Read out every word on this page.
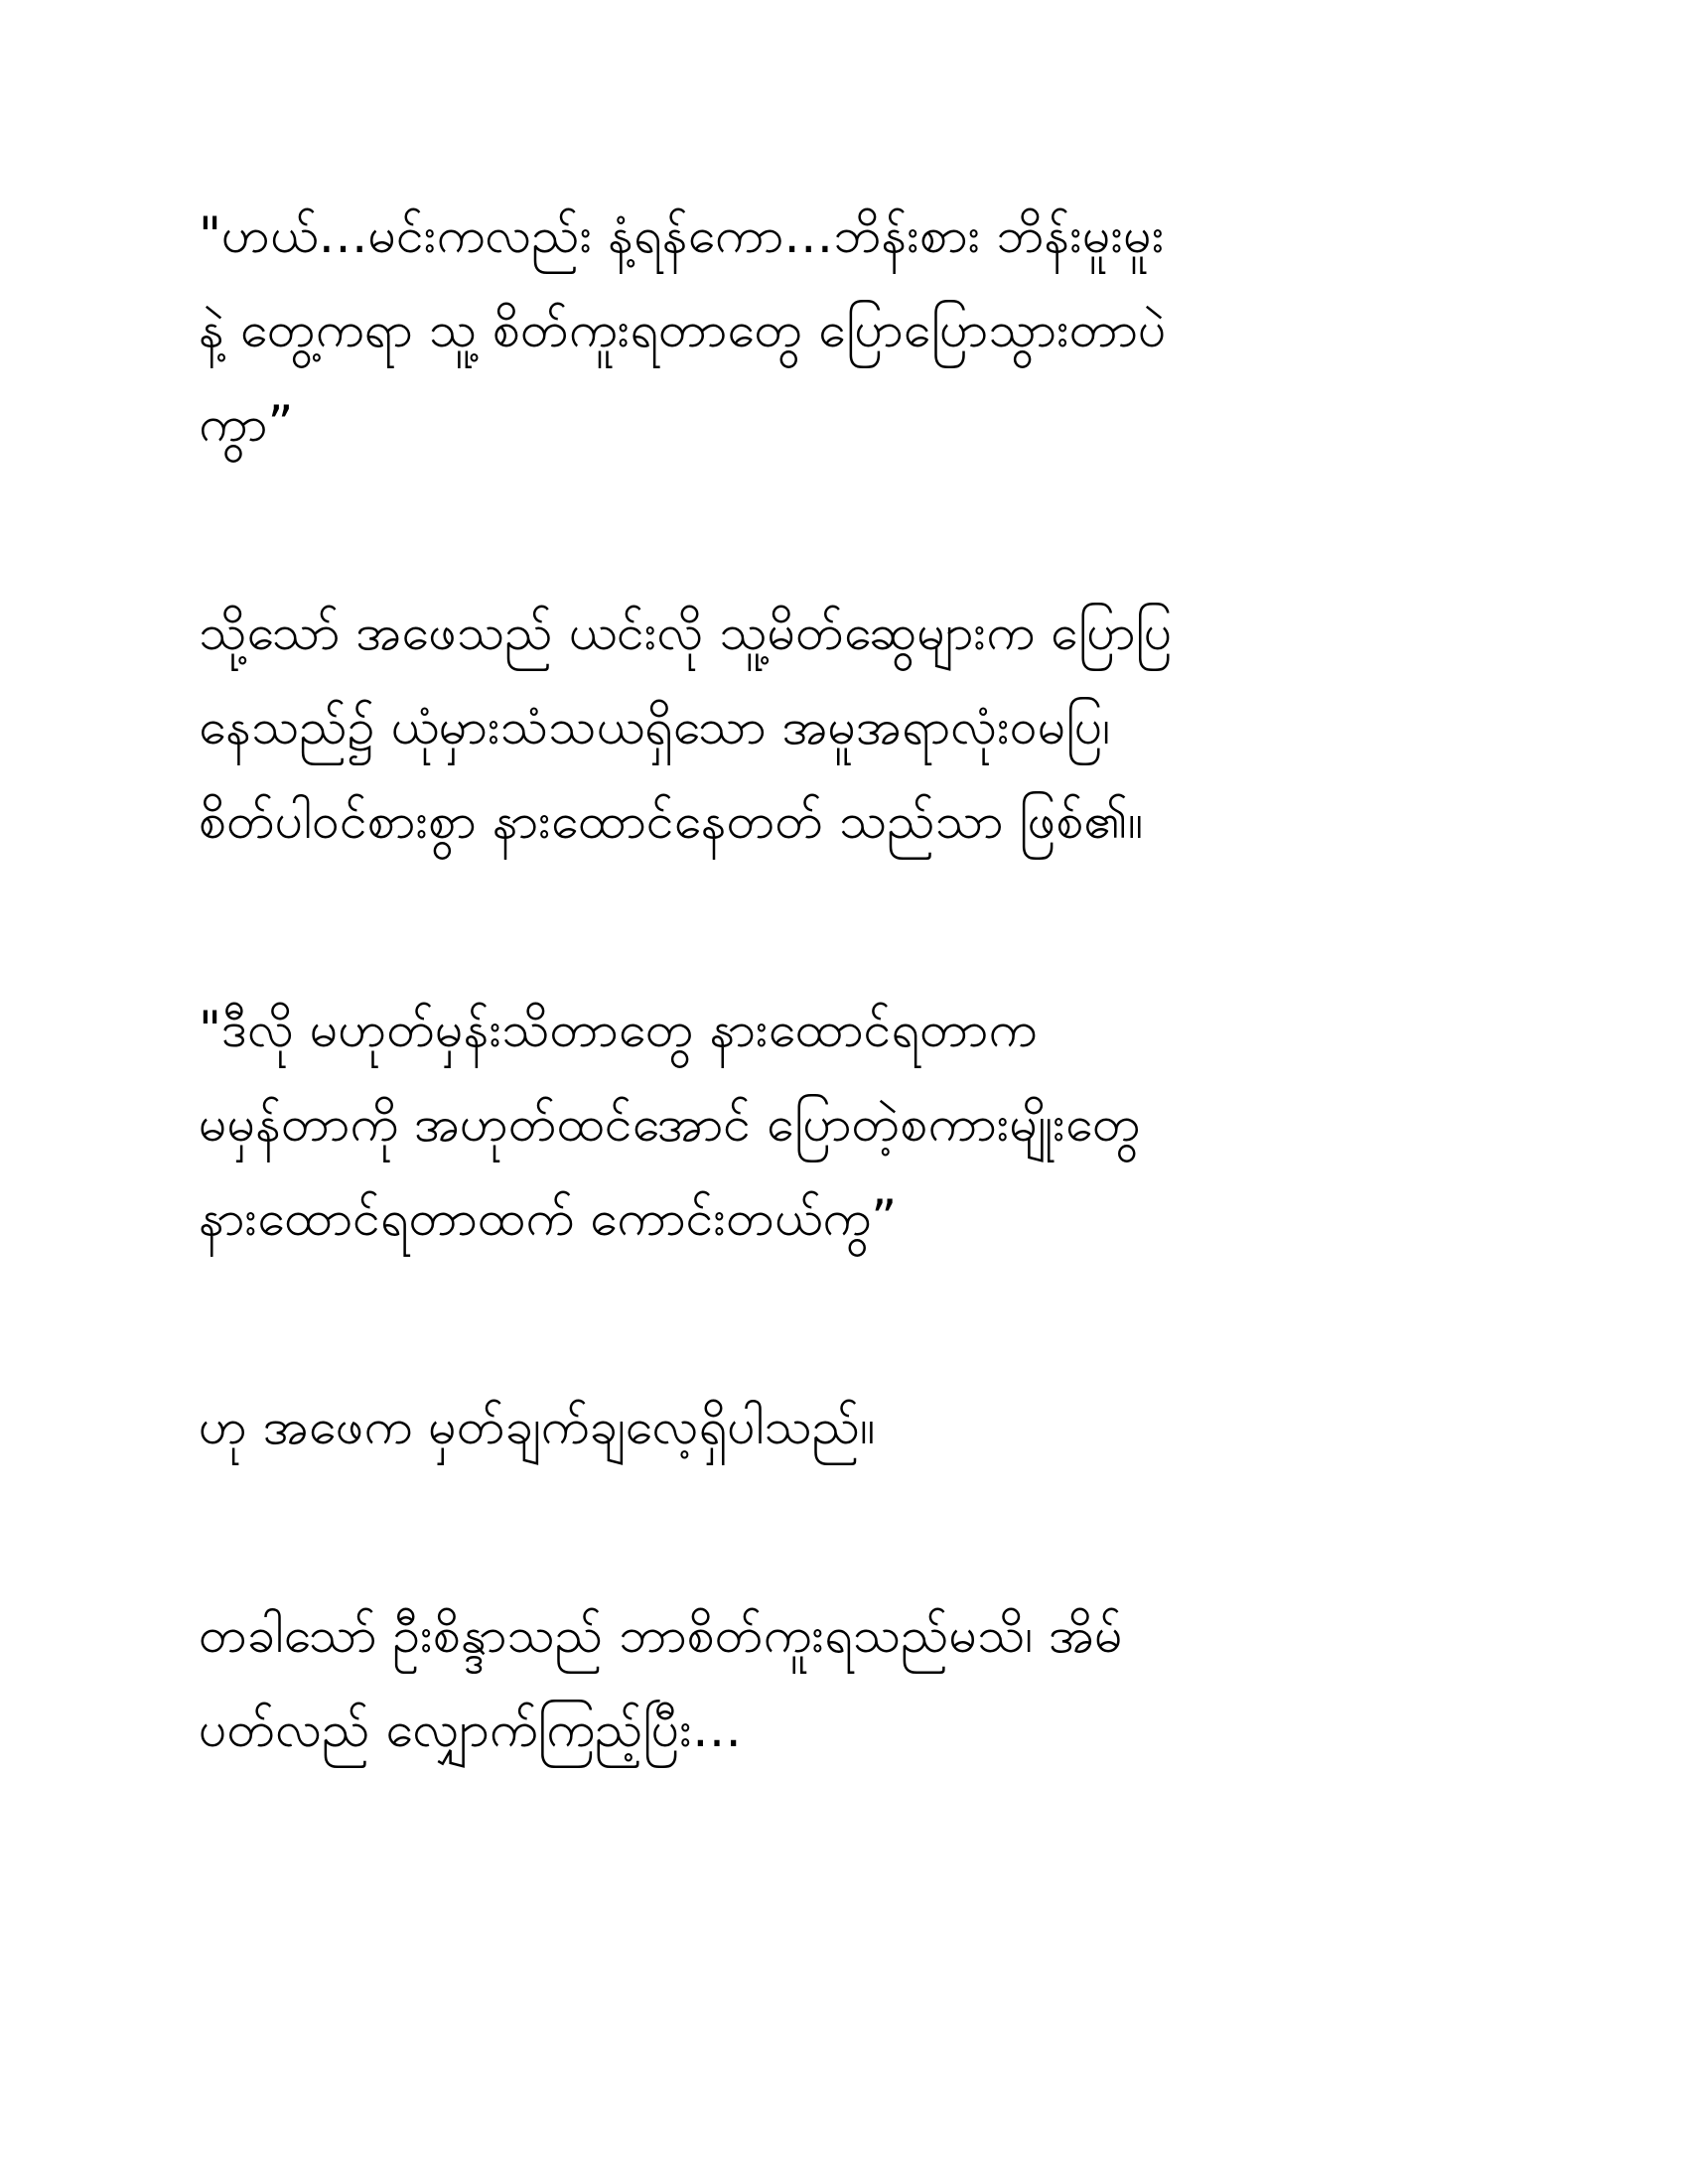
"ဟယ်…မင်းကလည်း နံ့ရန်ကော…ဘိန်းစား ဘိန်းမူးမူး
နဲ့ တွေ့ကရာ သူ့ စိတ်ကူးရတာတွေ ပြောပြောသွားတာပဲ
ကွာ”

သို့သော် အဖေသည် ယင်းလို သူ့မိတ်ဆွေများက ပြောပြ
နေသည်၌ ယုံမှားသံသယရှိသော အမူအရာလုံးဝမပြ၊
စိတ်ပါဝင်စားစွာ နားထောင်နေတတ် သည်သာ ဖြစ်၏။

"ဒီလို မဟုတ်မှန်းသိတာတွေ နားထောင်ရတာက
မမှန်တာကို အဟုတ်ထင်အောင် ပြောတဲ့စကားမျိုးတွေ
နားထောင်ရတာထက် ကောင်းတယ်ကွ”

ဟု အဖေက မှတ်ချက်ချလေ့ရှိပါသည်။

တခါသော် ဦးစိန္ဒာသည် ဘာစိတ်ကူးရသည်မသိ၊ အိမ်
ပတ်လည် လျှောက်ကြည့်ပြီး…
